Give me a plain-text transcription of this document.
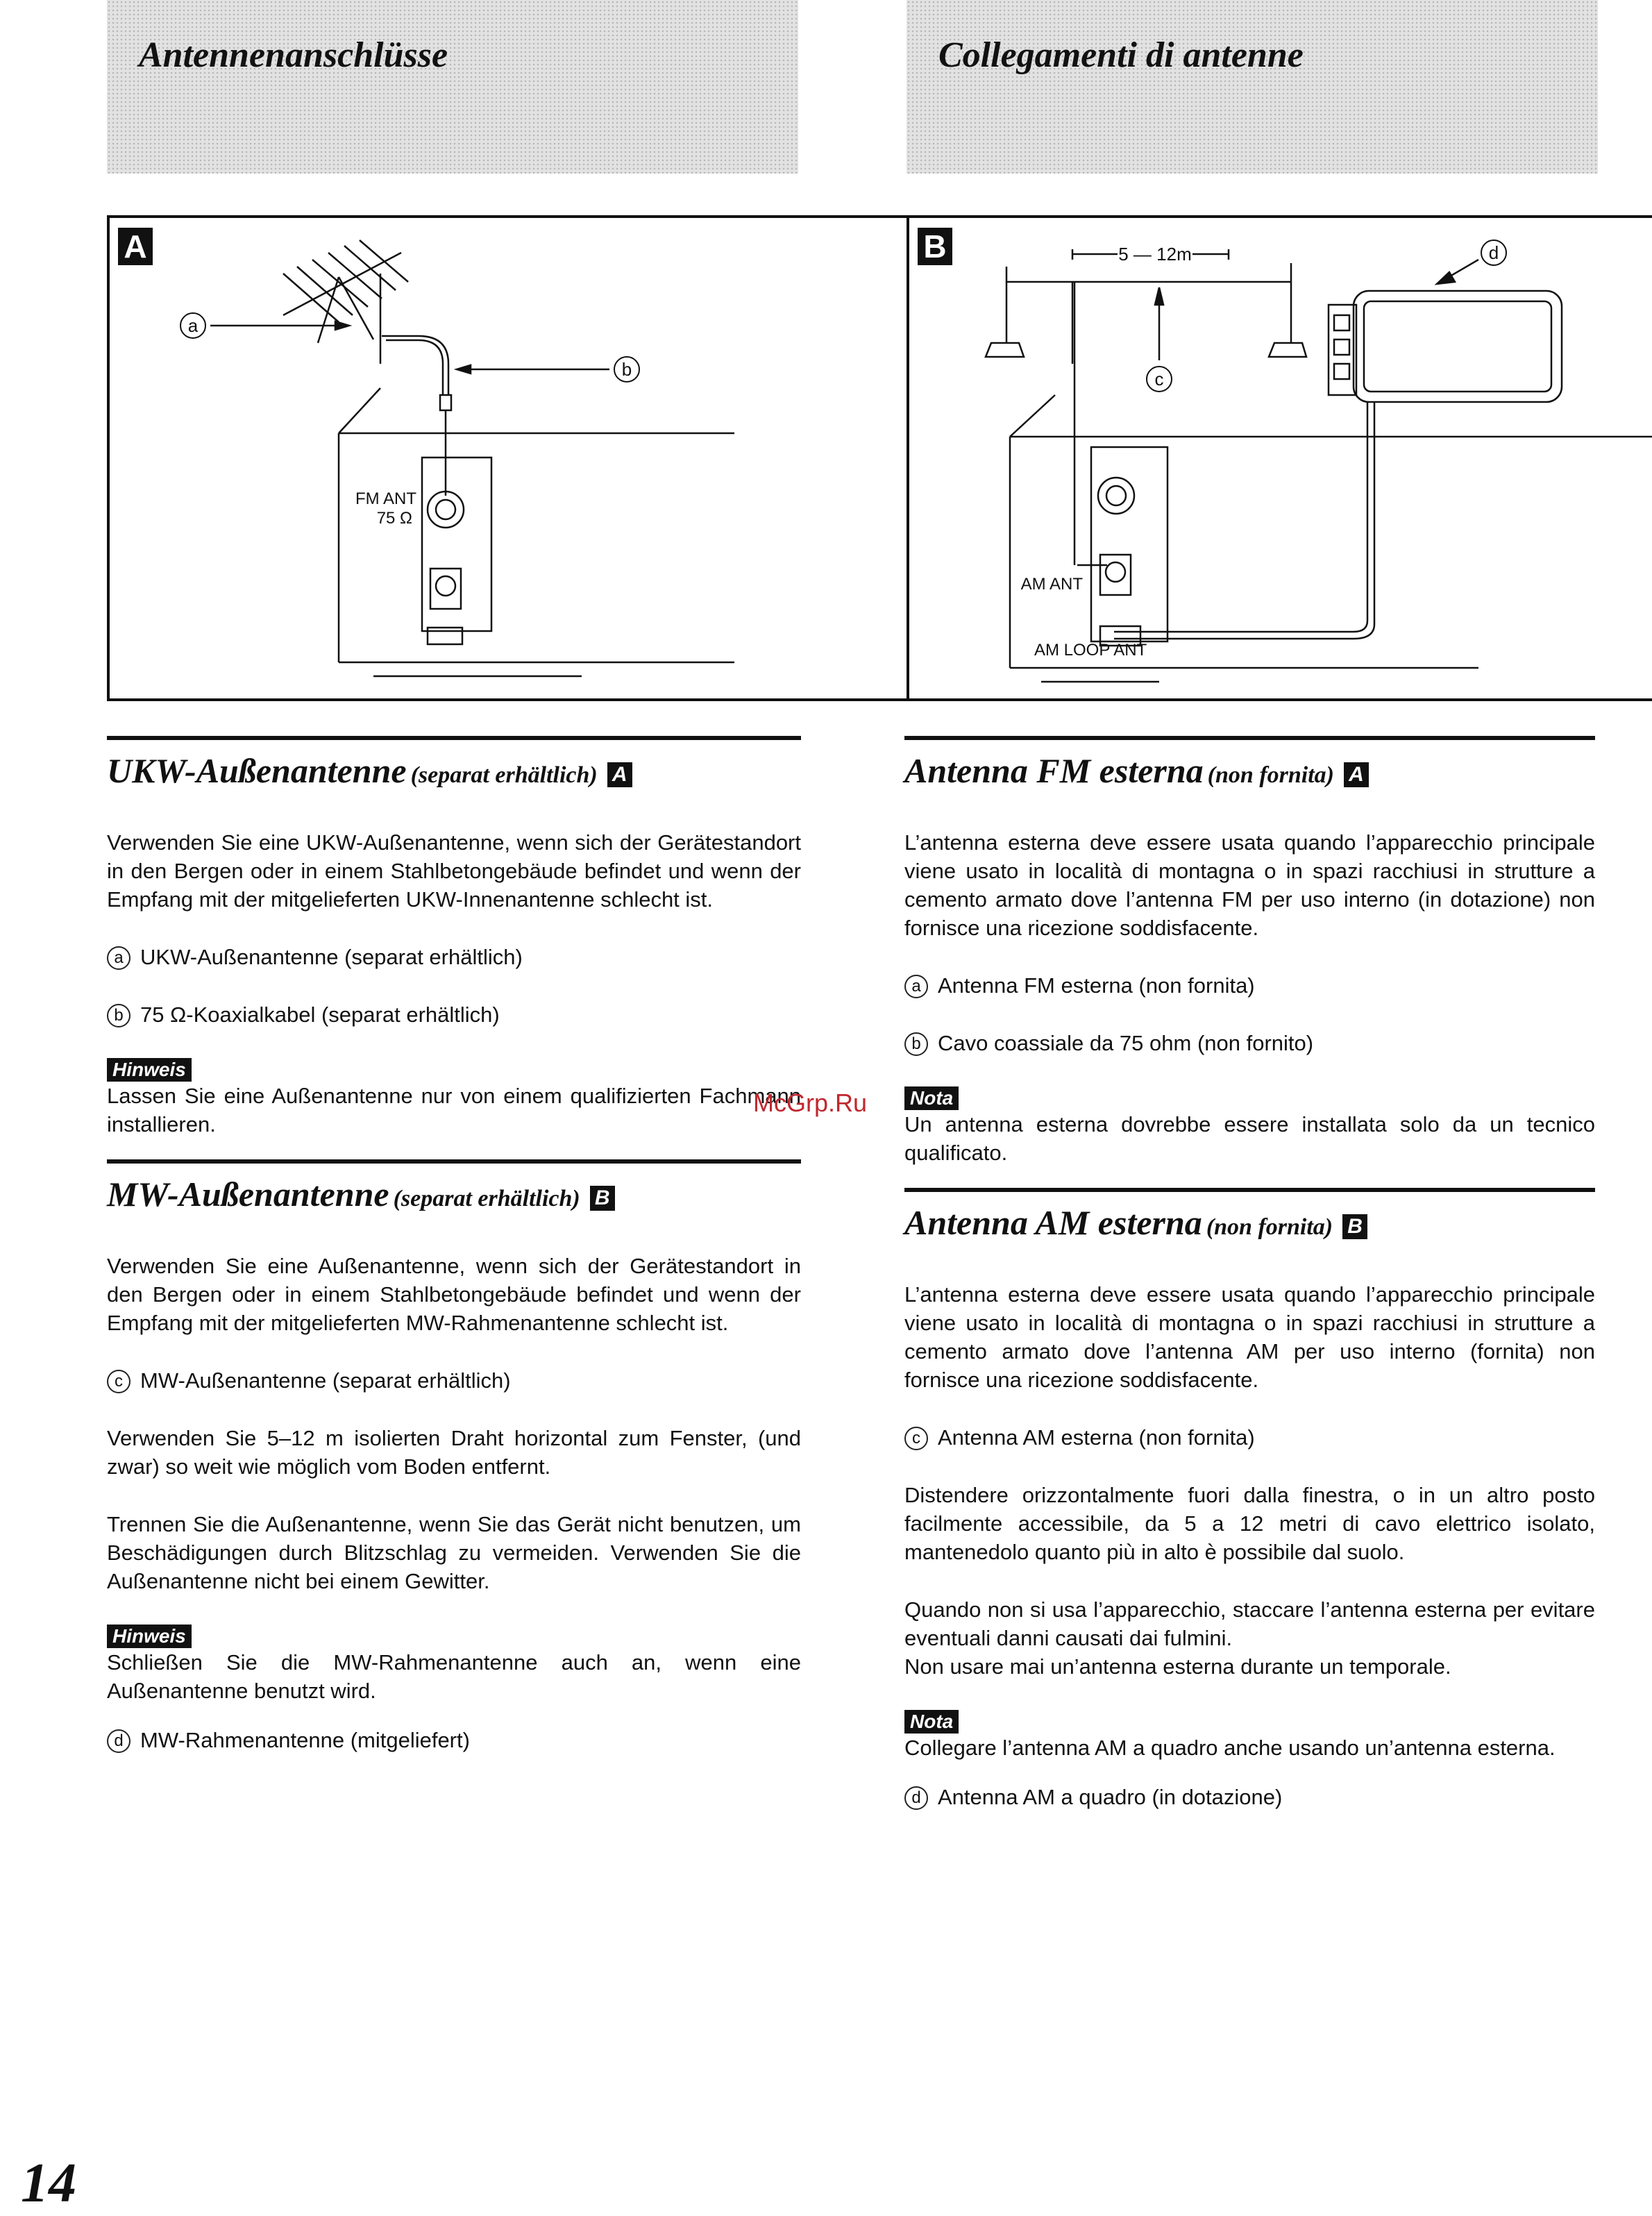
Antennenanschlüsse	Collegamenti di antenne
A
a
b
FM ANT
75 Ω
B	5 — 12m
c
d
AM ANT
AM LOOP ANT
UKW-Außenantenne (separat erhältlich) A

Verwenden Sie eine UKW-Außenantenne, wenn sich der Gerätestandort in den Bergen oder in einem Stahlbetongebäude befindet und wenn der Empfang mit der mitgelieferten UKW-Innenantenne schlecht ist.

a UKW-Außenantenne (separat erhältlich)
b 75 Ω-Koaxialkabel (separat erhältlich)
Hinweis
Lassen Sie eine Außenantenne nur von einem qualifizierten Fachmann installieren.
MW-Außenantenne (separat erhältlich) B

Verwenden Sie eine Außenantenne, wenn sich der Gerätestandort in den Bergen oder in einem Stahlbetongebäude befindet und wenn der Empfang mit der mitgelieferten MW-Rahmenantenne schlecht ist.

c MW-Außenantenne (separat erhältlich)

Verwenden Sie 5–12 m isolierten Draht horizontal zum Fenster, (und zwar) so weit wie möglich vom Boden entfernt.

Trennen Sie die Außenantenne, wenn Sie das Gerät nicht benutzen, um Beschädigungen durch Blitzschlag zu vermeiden. Verwenden Sie die Außenantenne nicht bei einem Gewitter.

Hinweis
Schließen Sie die MW-Rahmenantenne auch an, wenn eine Außenantenne benutzt wird.
d MW-Rahmenantenne (mitgeliefert)
Antenna FM esterna (non fornita) A

L’antenna esterna deve essere usata quando l’apparecchio principale viene usato in località di montagna o in spazi racchiusi in strutture a cemento armato dove l’antenna FM per uso interno (in dotazione) non fornisce una ricezione soddisfacente.

a Antenna FM esterna (non fornita)
b Cavo coassiale da 75 ohm (non fornito)
Nota
Un antenna esterna dovrebbe essere installata solo da un tecnico qualificato.
Antenna AM esterna (non fornita) B

L’antenna esterna deve essere usata quando l’apparecchio principale viene usato in località di montagna o in spazi racchiusi in strutture a cemento armato dove l’antenna AM per uso interno (fornita) non fornisce una ricezione soddisfacente.

c Antenna AM esterna (non fornita)

Distendere orizzontalmente fuori dalla finestra, o in un altro posto facilmente accessibile, da 5 a 12 metri di cavo elettrico isolato, mantenedolo quanto più in alto è possibile dal suolo.

Quando non si usa l’apparecchio, staccare l’antenna esterna per evitare eventuali danni causati dai fulmini.

Non usare mai un’antenna esterna durante un temporale.

Nota
Collegare l’antenna AM a quadro anche usando un’antenna esterna.
d Antenna AM a quadro (in dotazione)
McGrp.Ru
14
